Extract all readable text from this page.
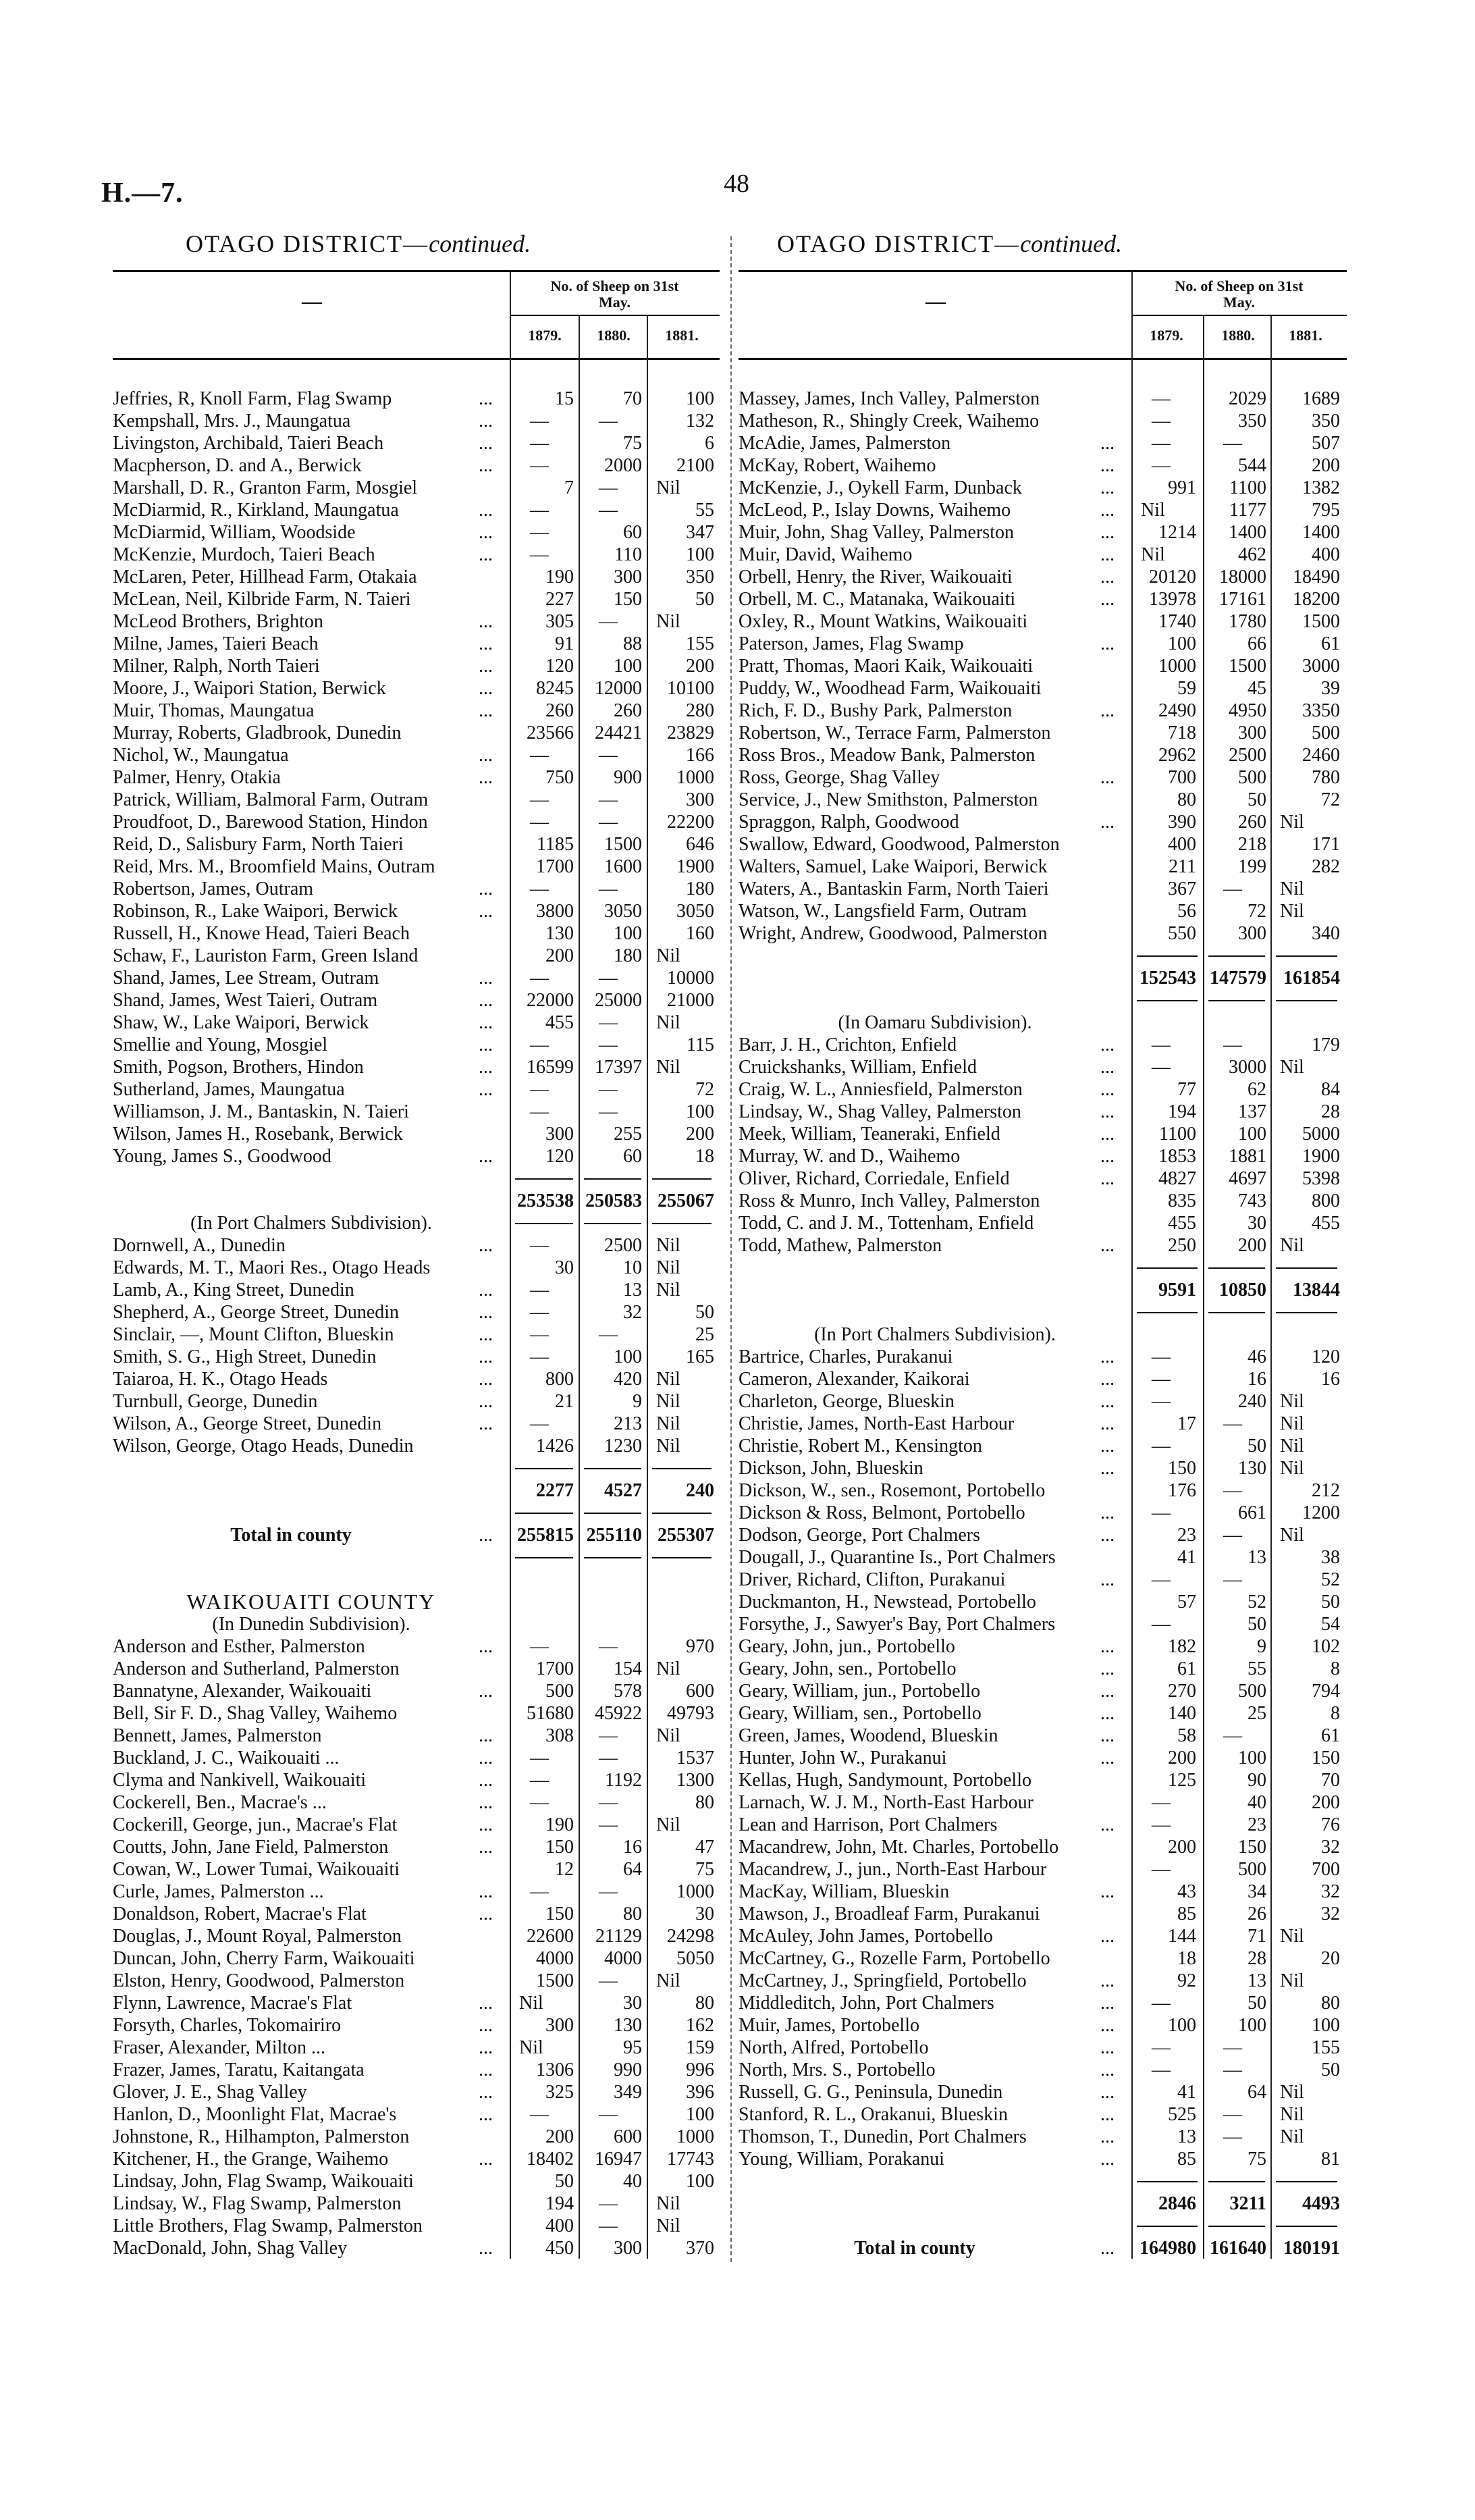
H.—7.	48
OTAGO DISTRICT—continued.
—
No. of Sheep on 31st
May.
1879.	1880.	1881.
Jeffries, R, Knoll Farm, Flag Swamp	...	15	70	100
Kempshall, Mrs. J., Maungatua	... —	—	132
Livingston, Archibald, Taieri Beach	... —	75	6
Macpherson, D. and A., Berwick	... —	2000	2100
Marshall, D. R., Granton Farm, Mosgiel	7 —	Nil
McDiarmid, R., Kirkland, Maungatua	... —	—	55
McDiarmid, William, Woodside	... —	60	347
McKenzie, Murdoch, Taieri Beach	... —	110	100
McLaren, Peter, Hillhead Farm, Otakaia	190	300	350
McLean, Neil, Kilbride Farm, N. Taieri	227	150	50
McLeod Brothers, Brighton	...	305 —	Nil
Milne, James, Taieri Beach	...	91	88	155
Milner, Ralph, North Taieri	...	120	100	200
Moore, J., Waipori Station, Berwick	...	8245	12000	10100
Muir, Thomas, Maungatua	...	260	260	280
Murray, Roberts, Gladbrook, Dunedin	23566	24421	23829
Nichol, W., Maungatua	... —	—	166
Palmer, Henry, Otakia	...	750	900	1000
Patrick, William, Balmoral Farm, Outram	—	—	300
Proudfoot, D., Barewood Station, Hindon	—	—	22200
Reid, D., Salisbury Farm, North Taieri	1185	1500	646
Reid, Mrs. M., Broomfield Mains, Outram	1700	1600	1900
Robertson, James, Outram	... —	—	180
Robinson, R., Lake Waipori, Berwick	...	3800	3050	3050
Russell, H., Knowe Head, Taieri Beach	130	100	160
Schaw, F., Lauriston Farm, Green Island	200	180 Nil
Shand, James, Lee Stream, Outram	... —	—	10000
Shand, James, West Taieri, Outram	...	22000	25000	21000
Shaw, W., Lake Waipori, Berwick	...	455 —	Nil
Smellie and Young, Mosgiel	... —	—	115
Smith, Pogson, Brothers, Hindon	...	16599	17397 Nil
Sutherland, James, Maungatua	... —	—	72
Williamson, J. M., Bantaskin, N. Taieri	—	—	100
Wilson, James H., Rosebank, Berwick	300	255	200
Young, James S., Goodwood	...	120	60	18
253538 250583 255067
(In Port Chalmers Subdivision).
Dornwell, A., Dunedin	... —	2500 Nil
Edwards, M. T., Maori Res., Otago Heads	30	10 Nil
Lamb, A., King Street, Dunedin	... —	13 Nil
Shepherd, A., George Street, Dunedin	... —	32	50
Sinclair, —, Mount Clifton, Blueskin	... —	—	25
Smith, S. G., High Street, Dunedin	... —	100	165
Taiaroa, H. K., Otago Heads	...	800	420 Nil
Turnbull, George, Dunedin	...	21	9 Nil
Wilson, A., George Street, Dunedin	... —	213 Nil
Wilson, George, Otago Heads, Dunedin	1426	1230 Nil
2277	4527	240
WAIKOUAITI COUNTY
(In Dunedin Subdivision).
Anderson and Esther, Palmerston	... —	—	970
Anderson and Sutherland, Palmerston	1700	154 Nil
Bannatyne, Alexander, Waikouaiti	...	500	578	600
Bell, Sir F. D., Shag Valley, Waihemo	51680	45922	49793
Bennett, James, Palmerston	...	308 —	Nil
Buckland, J. C., Waikouaiti ...	... —	—	1537
Clyma and Nankivell, Waikouaiti	... —	1192	1300
Cockerell, Ben., Macrae's ...	... —	—	80
Cockerill, George, jun., Macrae's Flat	...	190 —	Nil
Coutts, John, Jane Field, Palmerston	...	150	16	47
Cowan, W., Lower Tumai, Waikouaiti	12	64	75
Curle, James, Palmerston ...	... —	—	1000
Donaldson, Robert, Macrae's Flat	...	150	80	30
Douglas, J., Mount Royal, Palmerston	22600	21129	24298
Duncan, John, Cherry Farm, Waikouaiti	4000	4000	5050
Elston, Henry, Goodwood, Palmerston	1500 —	Nil
Flynn, Lawrence, Macrae's Flat	... Nil	30	80
Forsyth, Charles, Tokomairiro	...	300	130	162
Fraser, Alexander, Milton ...	... Nil	95	159
Frazer, James, Taratu, Kaitangata	...	1306	990	996
Glover, J. E., Shag Valley	...	325	349	396
Hanlon, D., Moonlight Flat, Macrae's	... —	—	100
Johnstone, R., Hilhampton, Palmerston	200	600	1000
Kitchener, H., the Grange, Waihemo	...	18402	16947	17743
Lindsay, John, Flag Swamp, Waikouaiti	50	40	100
Lindsay, W., Flag Swamp, Palmerston	194 —	Nil
Little Brothers, Flag Swamp, Palmerston	400 —	Nil
MacDonald, John, Shag Valley	...	450	300	370
Total in county	...	255815 255110 255307
OTAGO DISTRICT—continued.
—
No. of Sheep on 31st
May.
1879.	1880.	1881.
Massey, James, Inch Valley, Palmerston	—	2029	1689
Matheson, R., Shingly Creek, Waihemo	—	350	350
McAdie, James, Palmerston	... —	—	507
McKay, Robert, Waihemo	... —	544	200
McKenzie, J., Oykell Farm, Dunback	...	991	1100	1382
McLeod, P., Islay Downs, Waihemo	... Nil	1177	795
Muir, John, Shag Valley, Palmerston	...	1214	1400	1400
Muir, David, Waihemo	... Nil	462	400
Orbell, Henry, the River, Waikouaiti	...	20120	18000	18490
Orbell, M. C., Matanaka, Waikouaiti	...	13978	17161	18200
Oxley, R., Mount Watkins, Waikouaiti	1740	1780	1500
Paterson, James, Flag Swamp	...	100	66	61
Pratt, Thomas, Maori Kaik, Waikouaiti	1000	1500	3000
Puddy, W., Woodhead Farm, Waikouaiti	59	45	39
Rich, F. D., Bushy Park, Palmerston	...	2490	4950	3350
Robertson, W., Terrace Farm, Palmerston	718	300	500
Ross Bros., Meadow Bank, Palmerston	2962	2500	2460
Ross, George, Shag Valley	...	700	500	780
Service, J., New Smithston, Palmerston	80	50	72
Spraggon, Ralph, Goodwood	...	390	260 Nil
Swallow, Edward, Goodwood, Palmerston	400	218	171
Walters, Samuel, Lake Waipori, Berwick	211	199	282
Waters, A., Bantaskin Farm, North Taieri	367 —	Nil
Watson, W., Langsfield Farm, Outram	56	72 Nil
Wright, Andrew, Goodwood, Palmerston	550	300	340
152543 147579 161854
(In Oamaru Subdivision).
Barr, J. H., Crichton, Enfield	... —	—	179
Cruickshanks, William, Enfield	... —	3000 Nil
Craig, W. L., Anniesfield, Palmerston	...	77	62	84
Lindsay, W., Shag Valley, Palmerston	...	194	137	28
Meek, William, Teaneraki, Enfield	...	1100	100	5000
Murray, W. and D., Waihemo	...	1853	1881	1900
Oliver, Richard, Corriedale, Enfield	...	4827	4697	5398
Ross & Munro, Inch Valley, Palmerston	835	743	800
Todd, C. and J. M., Tottenham, Enfield	455	30	455
Todd, Mathew, Palmerston	...	250	200 Nil
9591	10850	13844
(In Port Chalmers Subdivision).
Bartrice, Charles, Purakanui	... —	46	120
Cameron, Alexander, Kaikorai	... —	16	16
Charleton, George, Blueskin	... —	240 Nil
Christie, James, North-East Harbour	...	17 —	Nil
Christie, Robert M., Kensington	... —	50 Nil
Dickson, John, Blueskin	...	150	130 Nil
Dickson, W., sen., Rosemont, Portobello	176 —	212
Dickson & Ross, Belmont, Portobello	... —	661	1200
Dodson, George, Port Chalmers	...	23 —	Nil
Dougall, J., Quarantine Is., Port Chalmers	41	13	38
Driver, Richard, Clifton, Purakanui	... —	—	52
Duckmanton, H., Newstead, Portobello	57	52	50
Forsythe, J., Sawyer's Bay, Port Chalmers	—	50	54
Geary, John, jun., Portobello	...	182	9	102
Geary, John, sen., Portobello	...	61	55	8
Geary, William, jun., Portobello	...	270	500	794
Geary, William, sen., Portobello	...	140	25	8
Green, James, Woodend, Blueskin	...	58 —	61
Hunter, John W., Purakanui	...	200	100	150
Kellas, Hugh, Sandymount, Portobello	125	90	70
Larnach, W. J. M., North-East Harbour	—	40	200
Lean and Harrison, Port Chalmers	... —	23	76
Macandrew, John, Mt. Charles, Portobello	200	150	32
Macandrew, J., jun., North-East Harbour	—	500	700
MacKay, William, Blueskin	...	43	34	32
Mawson, J., Broadleaf Farm, Purakanui	85	26	32
McAuley, John James, Portobello	...	144	71 Nil
McCartney, G., Rozelle Farm, Portobello	18	28	20
McCartney, J., Springfield, Portobello	...	92	13 Nil
Middleditch, John, Port Chalmers	... —	50	80
Muir, James, Portobello	...	100	100	100
North, Alfred, Portobello	... —	—	155
North, Mrs. S., Portobello	... —	—	50
Russell, G. G., Peninsula, Dunedin	...	41	64 Nil
Stanford, R. L., Orakanui, Blueskin	...	525 —	Nil
Thomson, T., Dunedin, Port Chalmers	...	13 —	Nil
Young, William, Porakanui	...	85	75	81
2846	3211	4493
Total in county	...	164980 161640 180191
